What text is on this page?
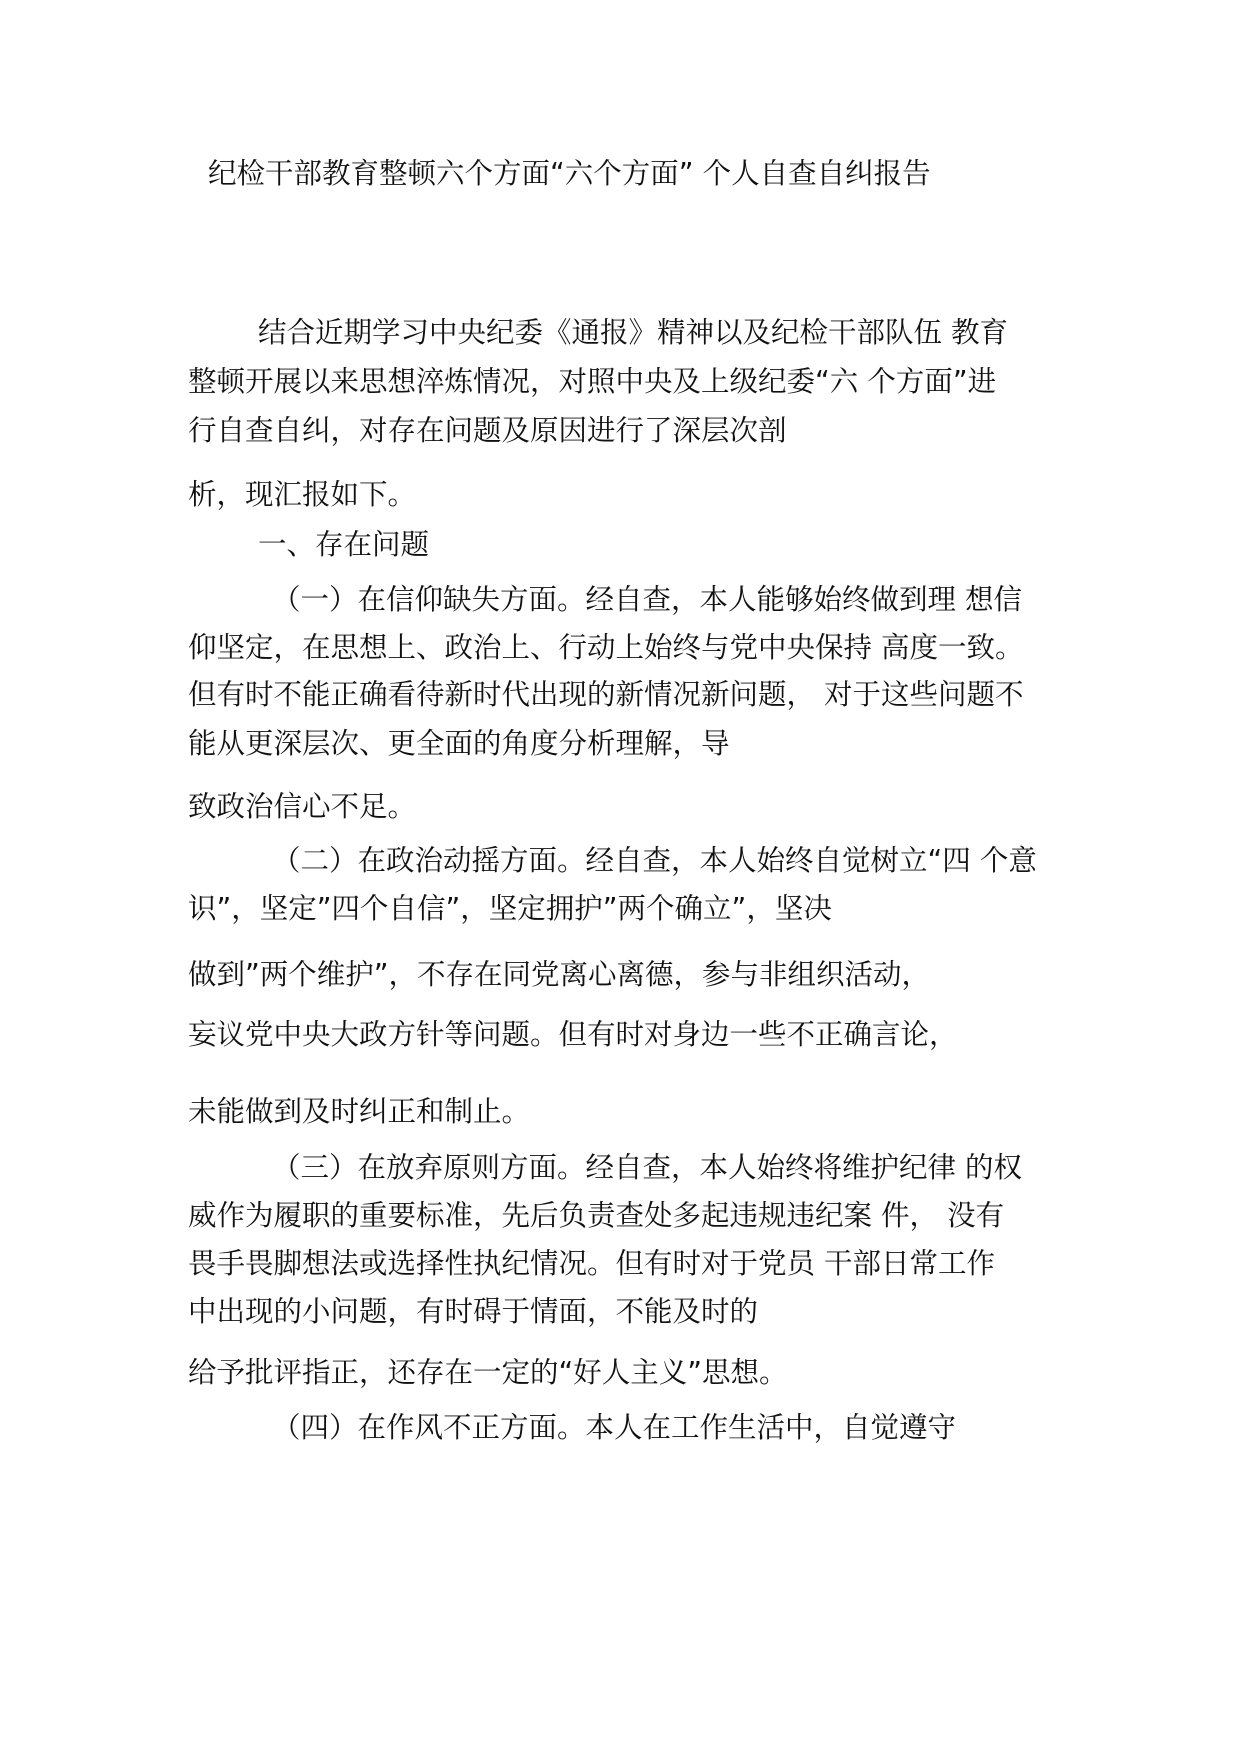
纪检干部教育整顿六个方面“六个方面” 个人自查自纠报告
结合近期学习中央纪委《通报》精神以及纪检干部队伍 教育
整顿开展以来思想淬炼情况，对照中央及上级纪委“六 个方面”进
行自查自纠，对存在问题及原因进行了深层次剖
析，现汇报如下。
一、存在问题
（一）在信仰缺失方面。经自查，本人能够始终做到理 想信
仰坚定，在思想上、政治上、行动上始终与党中央保持 高度一致。
但有时不能正确看待新时代出现的新情况新问题， 对于这些问题不
能从更深层次、更全面的角度分析理解，导
致政治信心不足。
（二）在政治动摇方面。经自查，本人始终自觉树立“四 个意
识”，坚定”四个自信”，坚定拥护”两个确立”，坚决
做到”两个维护”，不存在同党离心离德，参与非组织活动，
妄议党中央大政方针等问题。但有时对身边一些不正确言论，
未能做到及时纠正和制止。
（三）在放弃原则方面。经自查，本人始终将维护纪律 的权
威作为履职的重要标准，先后负责查处多起违规违纪案 件， 没有
畏手畏脚想法或选择性执纪情况。但有时对于党员 干部日常工作
中出现的小问题，有时碍于情面，不能及时的
给予批评指正，还存在一定的“好人主义”思想。
（四）在作风不正方面。本人在工作生活中，自觉遵守
